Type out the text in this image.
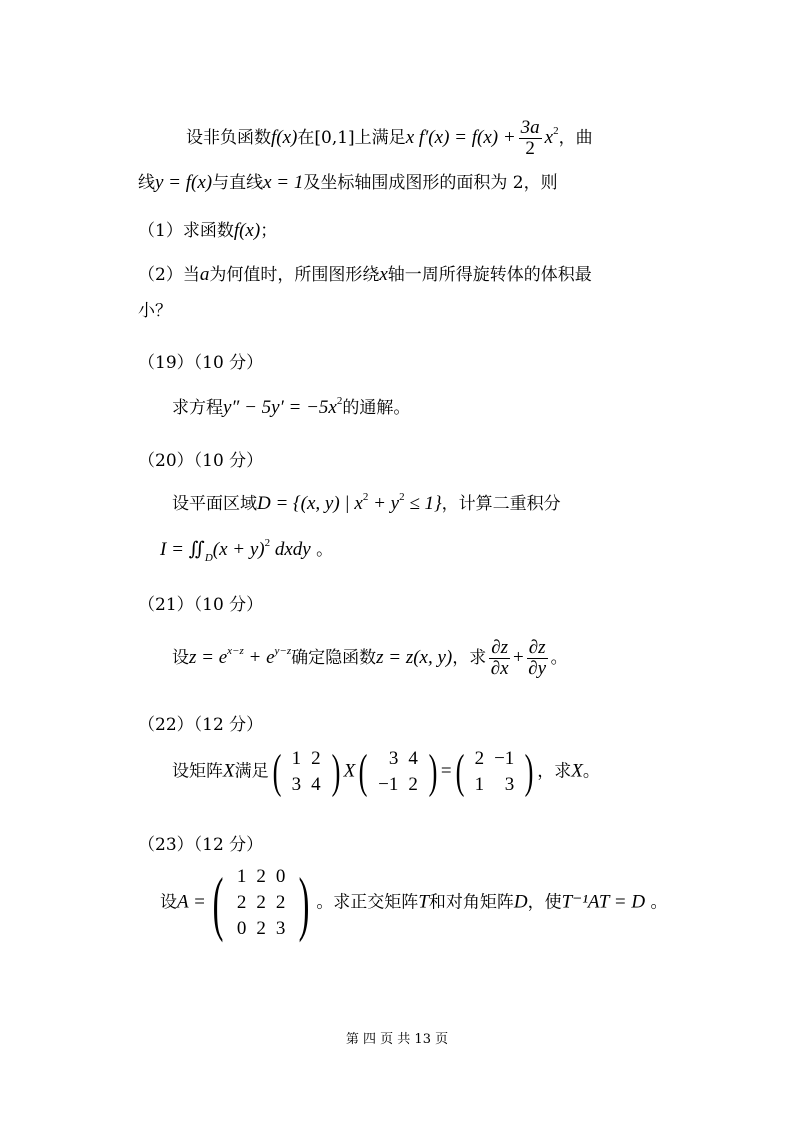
设非负函数f(x)在[0,1]上满足x $f'(x) = f(x) + \frac{3a}{2} x^2$，曲
线y = f(x)与直线x = 1及坐标轴围成图形的面积为 2，则
（1）求函数f(x)；
（2）当a为何值时，所围图形绕x轴一周所得旋转体的体积最
小？
（19）（10 分）
求方程$y'' - 5y' = -5x^2$的通解。
（20）（10 分）
设平面区域D = {(x, y) | $x^2 + y^2 \le 1$}，计算二重积分
$I = ∬_D(x + y)^2$ dxdy 。
（21）（10 分）
设$z = e^{x-z} + e^{y-z}$确定隐函数z = z(x, y)，求 $\frac{\partial z}{\partial x} + \frac{\partial z}{\partial y}$ 。
（22）（12 分）
设矩阵X满足 ( 1	2
3	4 ) X ( 3	4
−1	2 ) = ( 2	−1
1	3 ) ，求X。
（23）（12 分）
设A = ( 1	2	0
2	2	2
0	2	3 ) 。求正交矩阵T和对角矩阵D，使T⁻¹AT = D 。
第 四 页 共 13 页
